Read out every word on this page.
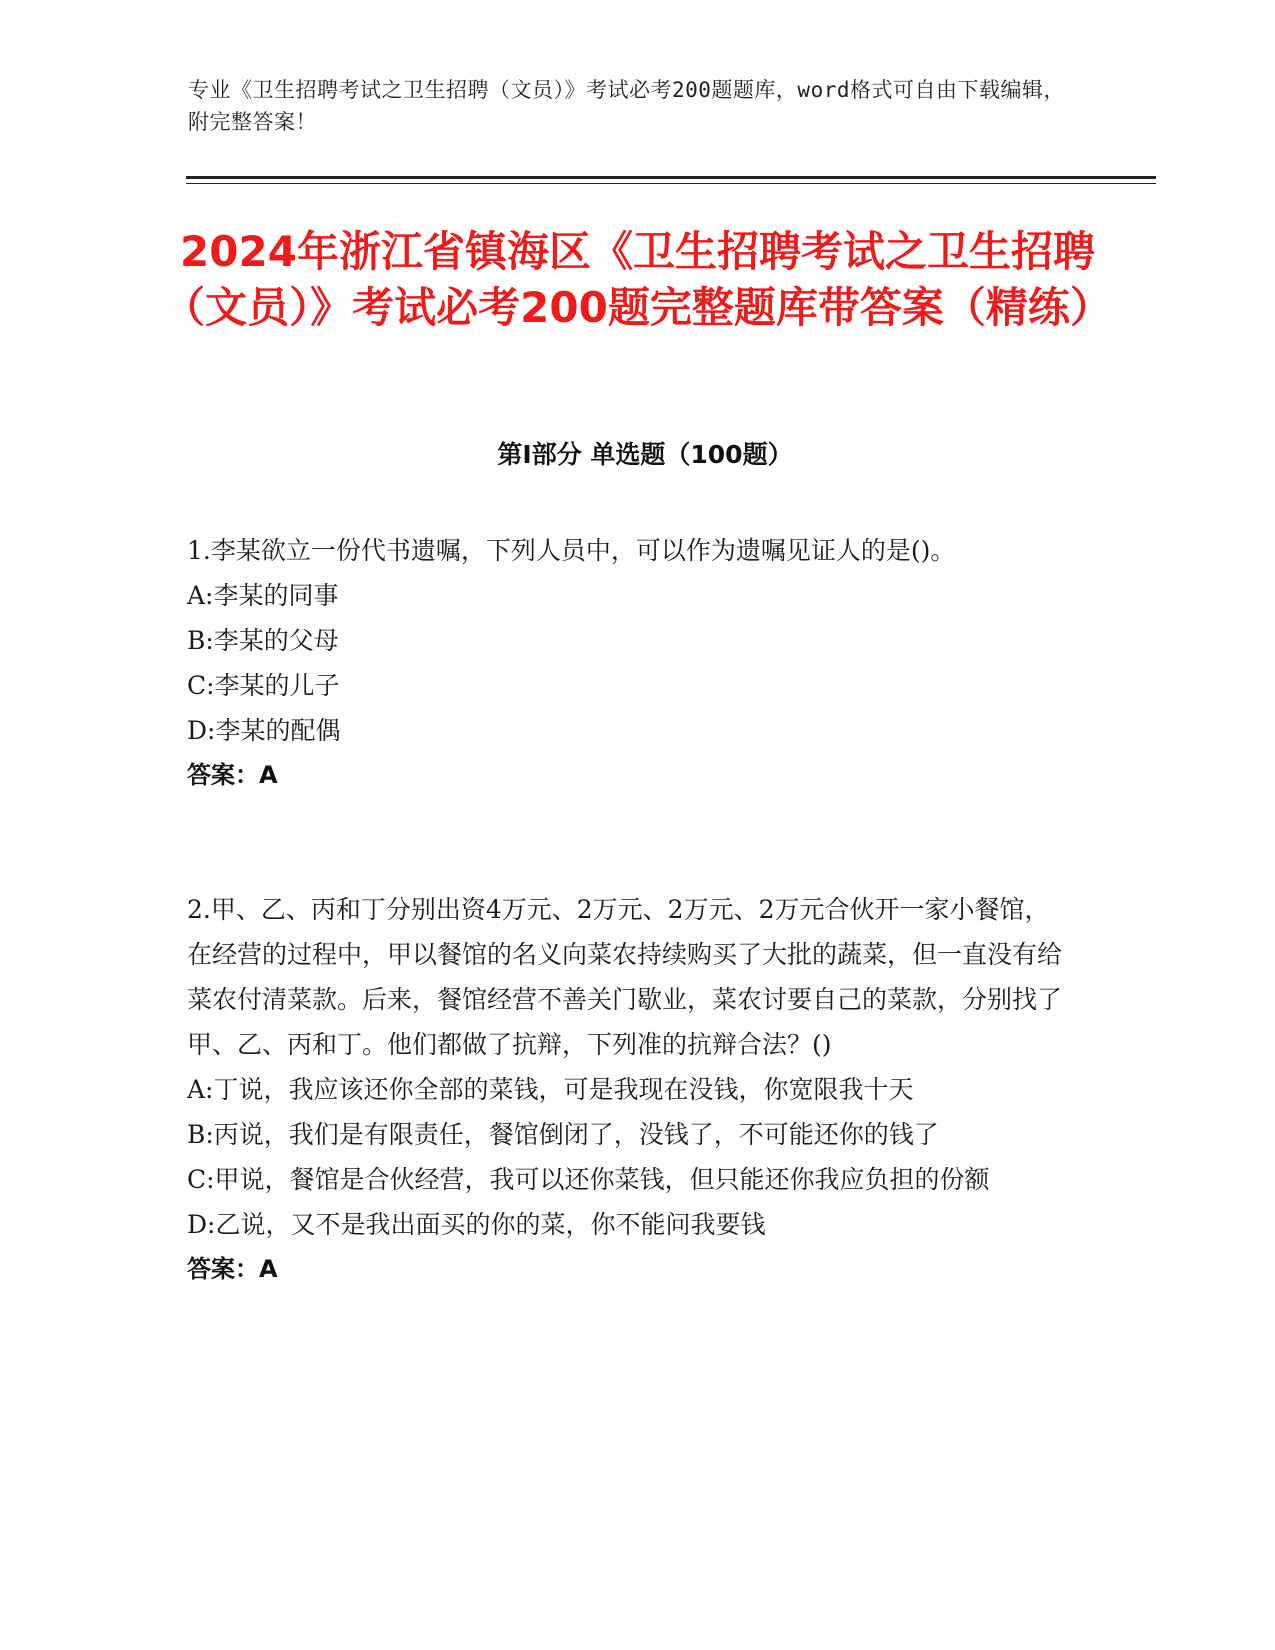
专业《卫生招聘考试之卫生招聘（文员）》考试必考200题题库，word格式可自由下载编辑，附完整答案！
2024年浙江省镇海区《卫生招聘考试之卫生招聘（文员）》考试必考200题完整题库带答案（精练）
第Ⅰ部分 单选题（100题）

1.李某欲立一份代书遗嘱，下列人员中，可以作为遗嘱见证人的是()。

A:李某的同事

B:李某的父母

C:李某的儿子

D:李某的配偶

答案：A

2.甲、乙、丙和丁分别出资4万元、2万元、2万元、2万元合伙开一家小餐馆，在经营的过程中，甲以餐馆的名义向菜农持续购买了大批的蔬菜，但一直没有给菜农付清菜款。后来，餐馆经营不善关门歇业，菜农讨要自己的菜款，分别找了甲、乙、丙和丁。他们都做了抗辩，下列准的抗辩合法？()

A:丁说，我应该还你全部的菜钱，可是我现在没钱，你宽限我十天

B:丙说，我们是有限责任，餐馆倒闭了，没钱了，不可能还你的钱了

C:甲说，餐馆是合伙经营，我可以还你菜钱，但只能还你我应负担的份额

D:乙说，又不是我出面买的你的菜，你不能问我要钱

答案：A
